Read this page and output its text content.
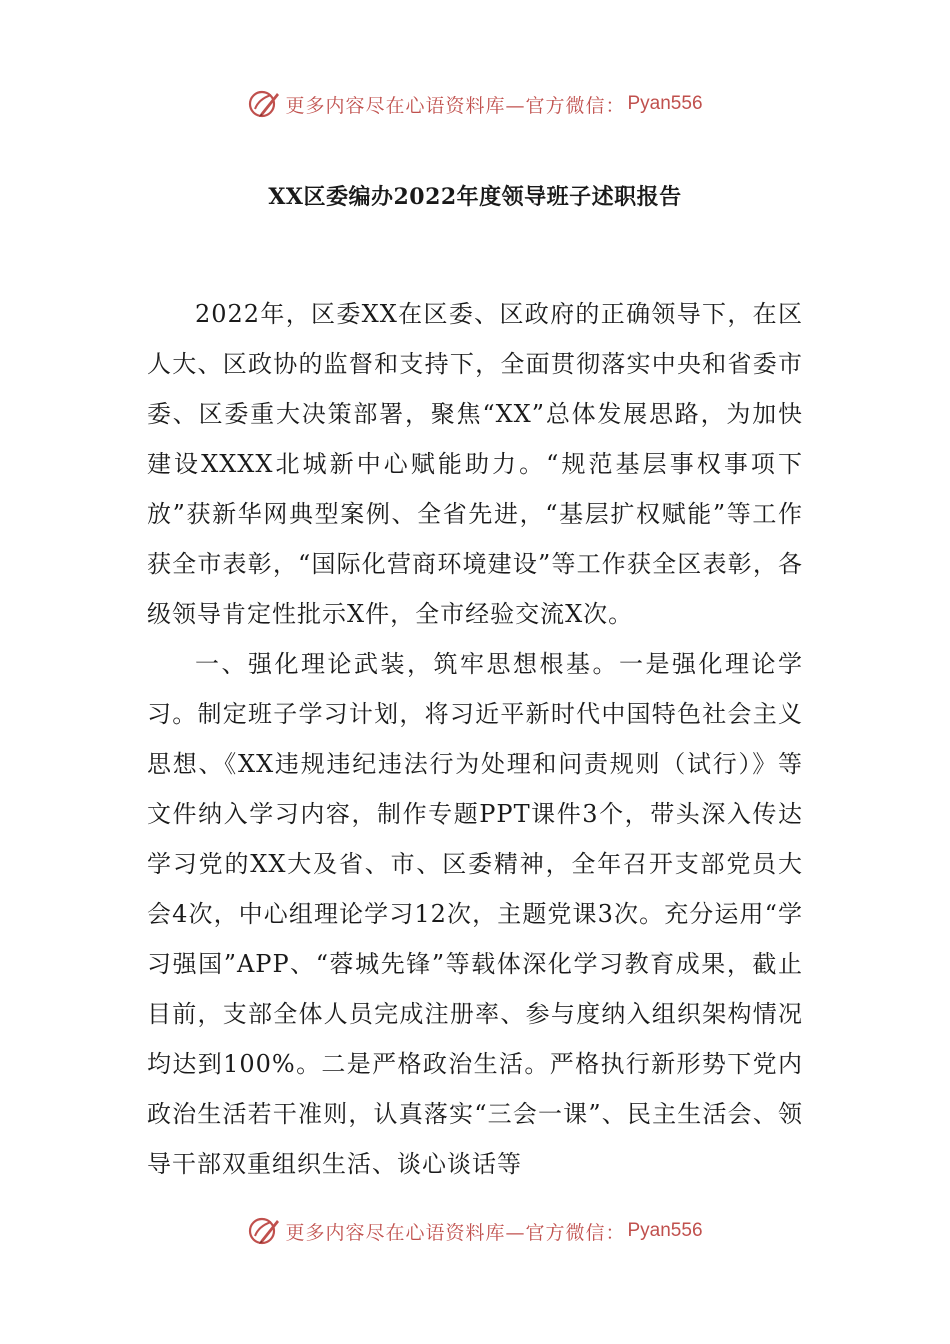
更多内容尽在心语资料库—官方微信： Pyan556
XX区委编办2022年度领导班子述职报告

2022年，区委XX在区委、区政府的正确领导下，在区人大、区政协的监督和支持下，全面贯彻落实中央和省委市委、区委重大决策部署，聚焦“XX”总体发展思路，为加快建设XXXX北城新中心赋能助力。“规范基层事权事项下放”获新华网典型案例、全省先进，“基层扩权赋能”等工作获全市表彰，“国际化营商环境建设”等工作获全区表彰，各级领导肯定性批示X件，全市经验交流X次。

一、强化理论武装，筑牢思想根基。一是强化理论学习。制定班子学习计划，将习近平新时代中国特色社会主义思想、《XX违规违纪违法行为处理和问责规则（试行）》等文件纳入学习内容，制作专题PPT课件3个，带头深入传达学习党的XX大及省、市、区委精神，全年召开支部党员大会4次，中心组理论学习12次，主题党课3次。充分运用“学习强国”APP、“蓉城先锋”等载体深化学习教育成果，截止目前，支部全体人员完成注册率、参与度纳入组织架构情况均达到100%。二是严格政治生活。严格执行新形势下党内政治生活若干准则，认真落实“三会一课”、民主生活会、领导干部双重组织生活、谈心谈话等

更多内容尽在心语资料库—官方微信： Pyan556
